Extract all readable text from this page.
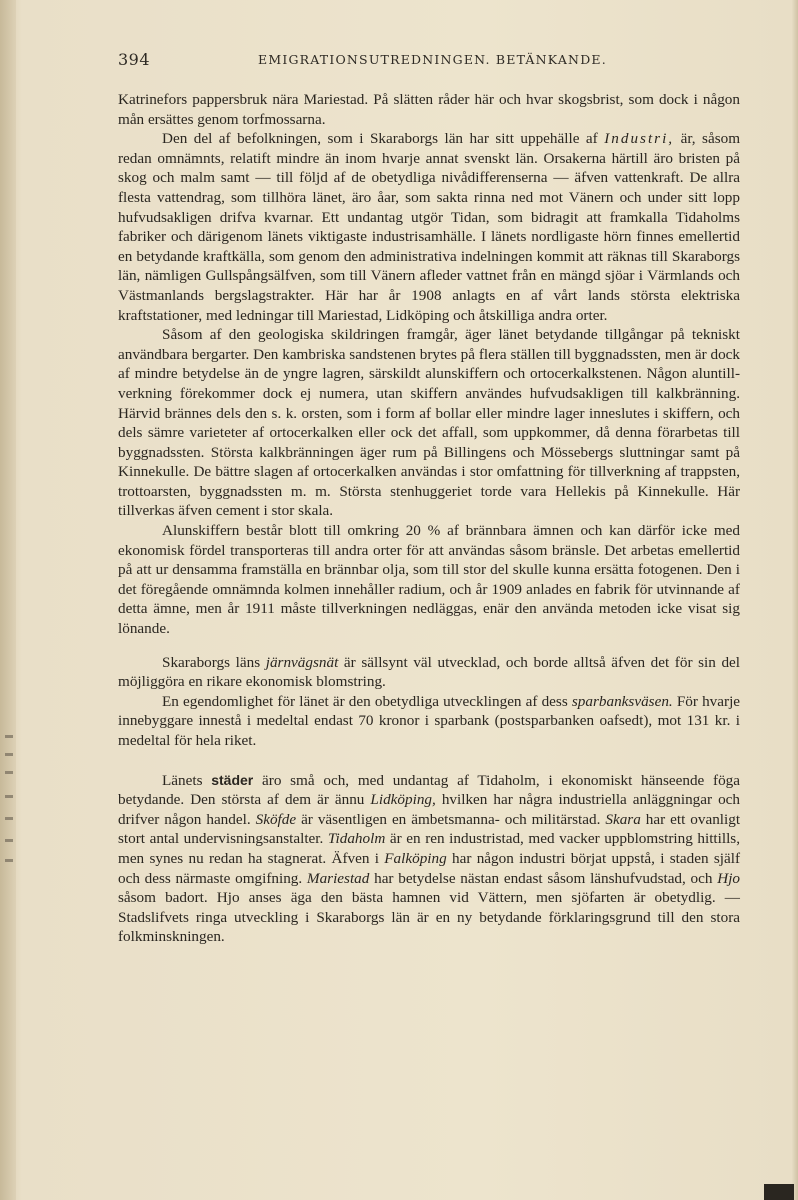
394	EMIGRATIONSUTREDNINGEN. BETÄNKANDE.

Katrinefors pappersbruk nära Mariestad. På slätten råder här och hvar skogsbrist, som dock i någon mån ersättes genom torfmossarna.

Den del af befolkningen, som i Skaraborgs län har sitt uppehälle af Industri, är, såsom redan omnämnts, relatift mindre än inom hvarje annat svenskt län. Orsakerna härtill äro bristen på skog och malm samt — till följd af de obetydliga nivådifferenserna — äfven vattenkraft. De allra flesta vattendrag, som tillhöra länet, äro åar, som sakta rinna ned mot Vänern och under sitt lopp hufvudsakligen drifva kvarnar. Ett undantag utgör Tidan, som bidragit att framkalla Tidaholms fabriker och därigenom länets viktigaste industrisamhälle. I länets nordligaste hörn finnes emellertid en betydande kraftkälla, som genom den administrativa indelningen kommit att räknas till Skaraborgs län, nämligen Gullspångsälfven, som till Vänern afleder vattnet från en mängd sjöar i Värmlands och Västmanlands bergslagstrakter. Här har år 1908 anlagts en af vårt lands största elektriska kraftstationer, med ledningar till Mariestad, Lidköping och åtskilliga andra orter.

Såsom af den geologiska skildringen framgår, äger länet betydande tillgångar på tekniskt användbara bergarter. Den kambriska sandstenen brytes på flera ställen till byggnadssten, men är dock af mindre betydelse än de yngre lagren, särskildt alunskiffern och ortocerkalkstenen. Någon aluntillverkning förekommer dock ej numera, utan skiffern användes hufvudsakligen till kalkbränning. Härvid brännes dels den s. k. orsten, som i form af bollar eller mindre lager inneslutes i skiffern, och dels sämre varieteter af ortocerkalken eller ock det affall, som uppkommer, då denna förarbetas till byggnadssten. Största kalkbränningen äger rum på Billingens och Mössebergs sluttningar samt på Kinnekulle. De bättre slagen af ortocerkalken användas i stor omfattning för tillverkning af trappsten, trottoarsten, byggnadssten m. m. Största stenhuggeriet torde vara Hellekis på Kinnekulle. Här tillverkas äfven cement i stor skala.

Alunskiffern består blott till omkring 20 % af brännbara ämnen och kan därför icke med ekonomisk fördel transporteras till andra orter för att användas såsom bränsle. Det arbetas emellertid på att ur densamma framställa en brännbar olja, som till stor del skulle kunna ersätta fotogenen. Den i det föregående omnämnda kolmen innehåller radium, och år 1909 anlades en fabrik för utvinnande af detta ämne, men år 1911 måste tillverkningen nedläggas, enär den använda metoden icke visat sig lönande.

Skaraborgs läns järnvägsnät är sällsynt väl utvecklad, och borde alltså äfven det för sin del möjliggöra en rikare ekonomisk blomstring.

En egendomlighet för länet är den obetydliga utvecklingen af dess sparbanksväsen. För hvarje innebyggare innestå i medeltal endast 70 kronor i sparbank (postsparbanken oafsedt), mot 131 kr. i medeltal för hela riket.

Länets städer äro små och, med undantag af Tidaholm, i ekonomiskt hänseende föga betydande. Den största af dem är ännu Lidköping, hvilken har några industriella anläggningar och drifver någon handel. Sköfde är väsentligen en ämbetsmanna- och militärstad. Skara har ett ovanligt stort antal undervisningsanstalter. Tidaholm är en ren industristad, med vacker uppblomstring hittills, men synes nu redan ha stagnerat. Äfven i Falköping har någon industri börjat uppstå, i staden själf och dess närmaste omgifning. Mariestad har betydelse nästan endast såsom länshufvudstad, och Hjo såsom badort. Hjo anses äga den bästa hamnen vid Vättern, men sjöfarten är obetydlig. — Stadslifvets ringa utveckling i Skaraborgs län är en ny betydande förklaringsgrund till den stora folkminskningen.
